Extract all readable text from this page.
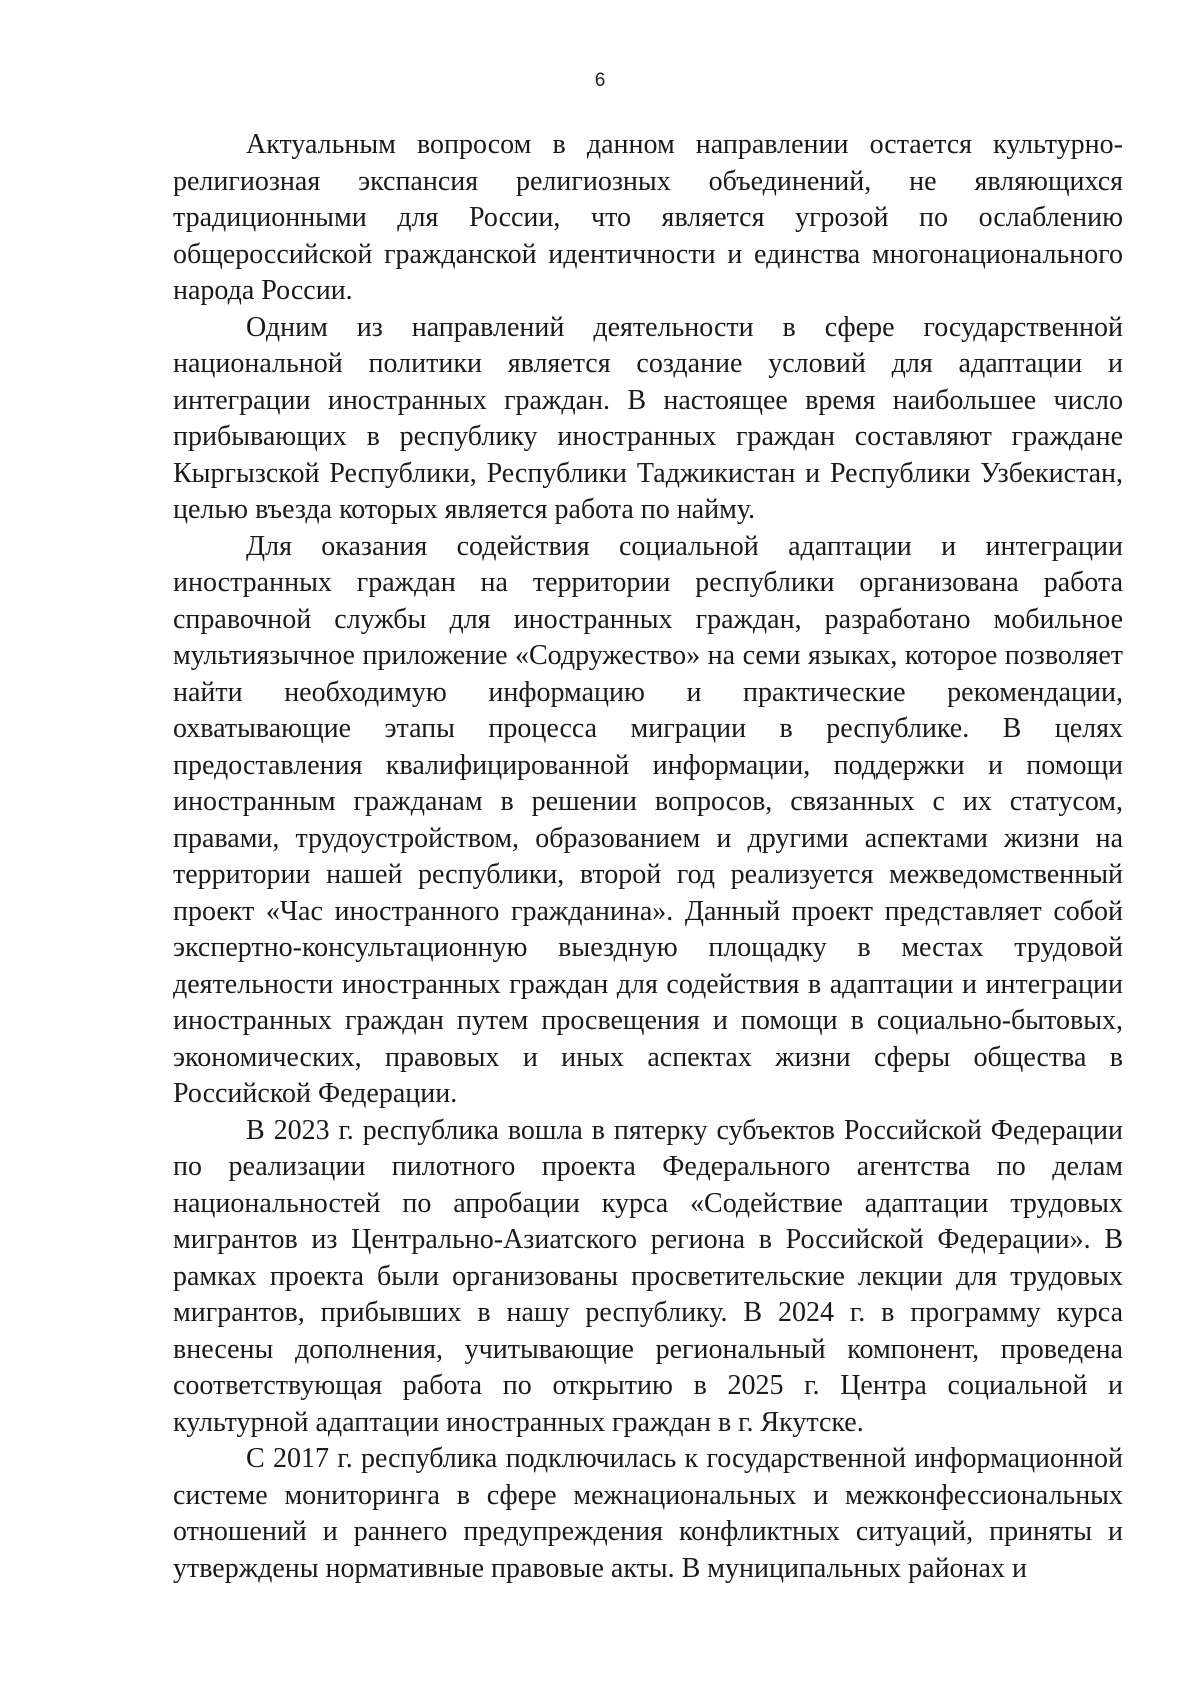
6

Актуальным вопросом в данном направлении остается культурно-религиозная экспансия религиозных объединений, не являющихся традиционными для России, что является угрозой по ослаблению общероссийской гражданской идентичности и единства многонационального народа России.

Одним из направлений деятельности в сфере государственной национальной политики является создание условий для адаптации и интеграции иностранных граждан. В настоящее время наибольшее число прибывающих в республику иностранных граждан составляют граждане Кыргызской Республики, Республики Таджикистан и Республики Узбекистан, целью въезда которых является работа по найму.

Для оказания содействия социальной адаптации и интеграции иностранных граждан на территории республики организована работа справочной службы для иностранных граждан, разработано мобильное мультиязычное приложение «Содружество» на семи языках, которое позволяет найти необходимую информацию и практические рекомендации, охватывающие этапы процесса миграции в республике. В целях предоставления квалифицированной информации, поддержки и помощи иностранным гражданам в решении вопросов, связанных с их статусом, правами, трудоустройством, образованием и другими аспектами жизни на территории нашей республики, второй год реализуется межведомственный проект «Час иностранного гражданина». Данный проект представляет собой экспертно-консультационную выездную площадку в местах трудовой деятельности иностранных граждан для содействия в адаптации и интеграции иностранных граждан путем просвещения и помощи в социально-бытовых, экономических, правовых и иных аспектах жизни сферы общества в Российской Федерации.

В 2023 г. республика вошла в пятерку субъектов Российской Федерации по реализации пилотного проекта Федерального агентства по делам национальностей по апробации курса «Содействие адаптации трудовых мигрантов из Центрально-Азиатского региона в Российской Федерации». В рамках проекта были организованы просветительские лекции для трудовых мигрантов, прибывших в нашу республику. В 2024 г. в программу курса внесены дополнения, учитывающие региональный компонент, проведена соответствующая работа по открытию в 2025 г. Центра социальной и культурной адаптации иностранных граждан в г. Якутске.

С 2017 г. республика подключилась к государственной информационной системе мониторинга в сфере межнациональных и межконфессиональных отношений и раннего предупреждения конфликтных ситуаций, приняты и утверждены нормативные правовые акты. В муниципальных районах и
